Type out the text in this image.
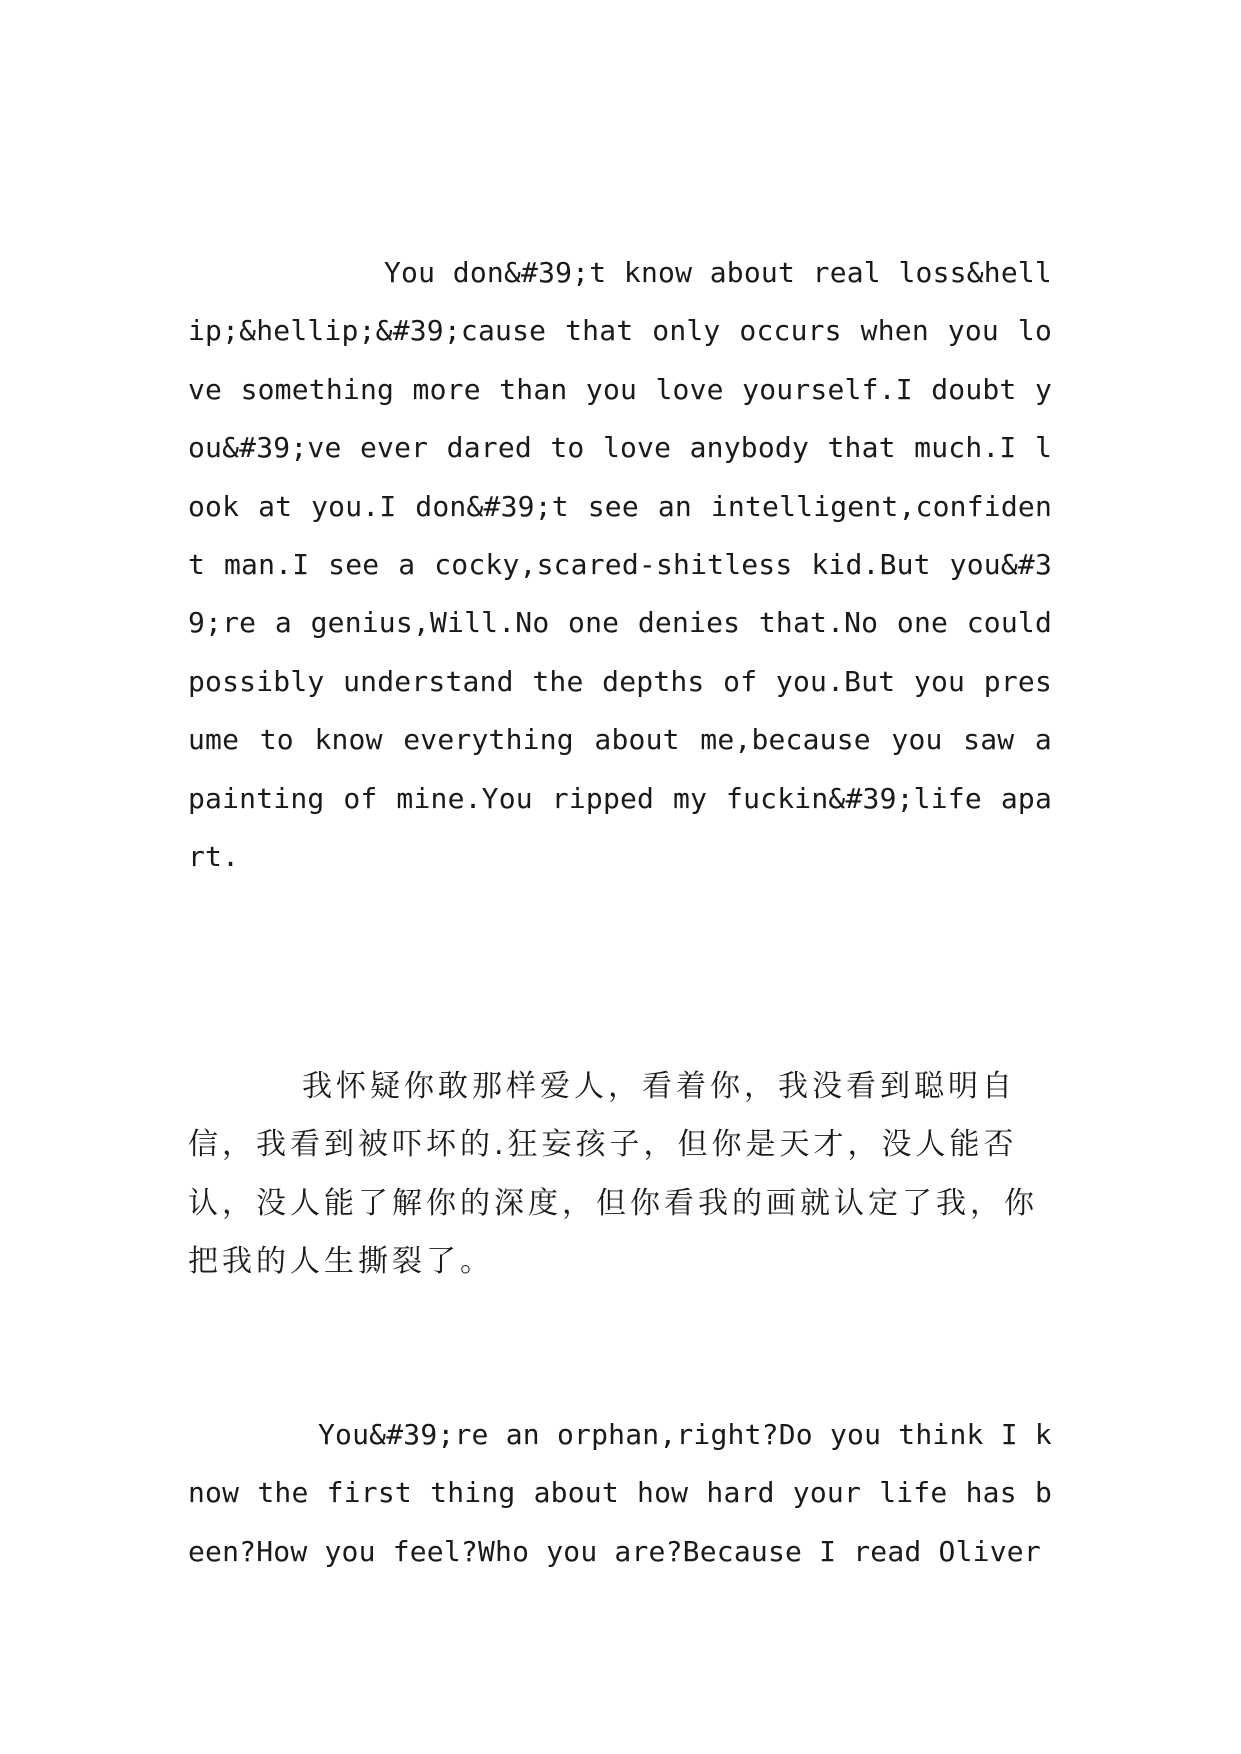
You don&#39;t know about real loss&hellip;&hellip;&#39;cause that only occurs when you love something more than you love yourself.I doubt you&#39;ve ever dared to love anybody that much.I look at you.I don&#39;t see an intelligent,confident man.I see a cocky,scared-shitless kid.But you&#39;re a genius,Will.No one denies that.No one could possibly understand the depths of you.But you presume to know everything about me,because you saw a painting of mine.You ripped my fuckin&#39;life apart.

我怀疑你敢那样爱人，看着你，我没看到聪明自信，我看到被吓坏的.狂妄孩子，但你是天才，没人能否认，没人能了解你的深度，但你看我的画就认定了我，你把我的人生撕裂了。

You&#39;re an orphan,right?Do you think I know the first thing about how hard your life has been?How you feel?Who you are?Because I read Oliver
